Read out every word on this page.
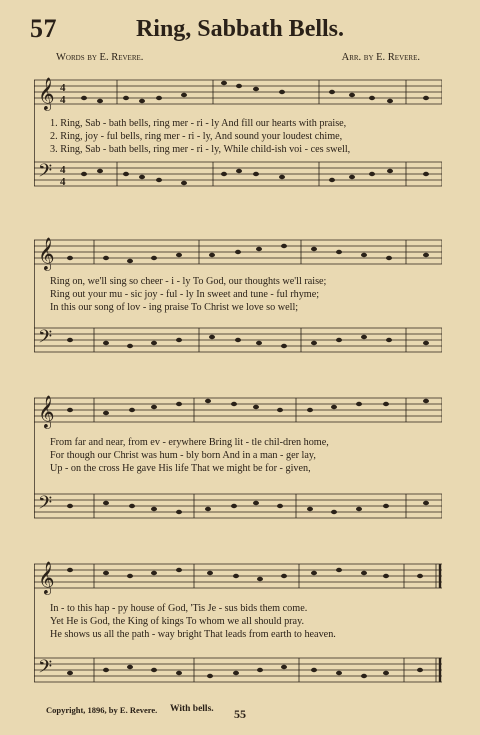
57	Ring, Sabbath Bells.
Words by E. Revere.	Arr. by E. Revere.
𝄞
𝄢
4
4
4
4
1. Ring, Sab - bath bells, ring mer - ri - ly And fill our hearts with praise,
2. Ring, joy - ful bells, ring mer - ri - ly, And sound your loudest chime,
3. Ring, Sab - bath bells, ring mer - ri - ly, While child-ish voi - ces swell,
𝄞
𝄢
Ring on, we'll sing so cheer - i - ly To God, our thoughts we'll raise;
Ring out your mu - sic joy - ful - ly In sweet and tune - ful rhyme;
In this our song of lov - ing praise To Christ we love so well;
𝄞
𝄢
From far and near, from ev - erywhere Bring lit - tle chil-dren home,
For though our Christ was hum - bly born And in a man - ger lay,
Up - on the cross He gave His life That we might be for - given,
𝄞
𝄢
In - to this hap - py house of God, 'Tis Je - sus bids them come.
Yet He is God, the King of kings To whom we all should pray.
He shows us all the path - way bright That leads from earth to heaven.
Copyright, 1896, by E. Revere. With bells.	55
